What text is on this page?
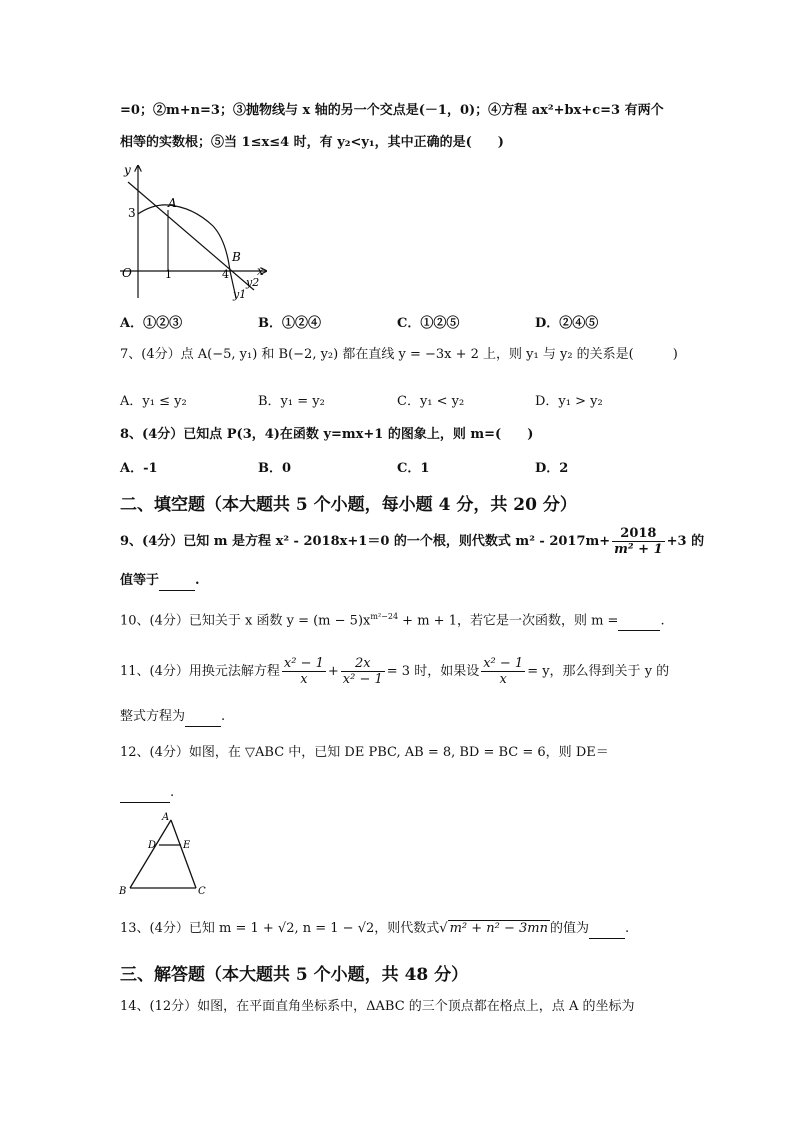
=0；②m+n=3；③抛物线与 x 轴的另一个交点是(－1，0)；④方程 ax²+bx+c=3 有两个
相等的实数根；⑤当 1≤x≤4 时，有 y₂<y₁，其中正确的是(　　)
y
x
O
3
1	4
A
B
y2
y1
A．①②③	B．①②④	C．①②⑤	D．②④⑤
7、(4分）点 A(−5, y₁) 和 B(−2, y₂) 都在直线 y = −3x + 2 上，则 y₁ 与 y₂ 的关系是(　　　)
A．y₁ ≤ y₂	B．y₁ = y₂	C．y₁ < y₂	D．y₁ > y₂
8、(4分）已知点 P(3，4)在函数 y=mx+1 的图象上，则 m=(　　)
A．-1	B．0	C．1	D．2
二、填空题（本大题共 5 个小题，每小题 4 分，共 20 分）
9、(4分）已知 m 是方程 x² - 2018x+1＝0 的一个根，则代数式 $m^2 - 2017m+ \frac{2018}{\text{m² + 1}} +3$ 的
值等于	.
10、(4分）已知关于 x 函数 $y = (m - 5)x^{m^2-24} + m + 1$，若它是一次函数，则 m =	.
11、(4分）用换元法解方程 $\frac{\text{x² − 1}}{x} + \frac{2x}{\text{x² − 1}} = 3$ 时，如果设 $\frac{\text{x² − 1}}{x} = y$，那么得到关于 y 的
整式方程为	.
12、(4分）如图，在 ▽ABC 中，已知 DE PBC, AB = 8, BD = BC = 6，则 DE＝
.
A
D	E
B	C
13、(4分）已知 m = 1 + √2, n = 1 − √2，则代数式√ m² + n² − 3mn 的值为	.
三、解答题（本大题共 5 个小题，共 48 分）
14、(12分）如图，在平面直角坐标系中，ΔABC 的三个顶点都在格点上，点 A 的坐标为
